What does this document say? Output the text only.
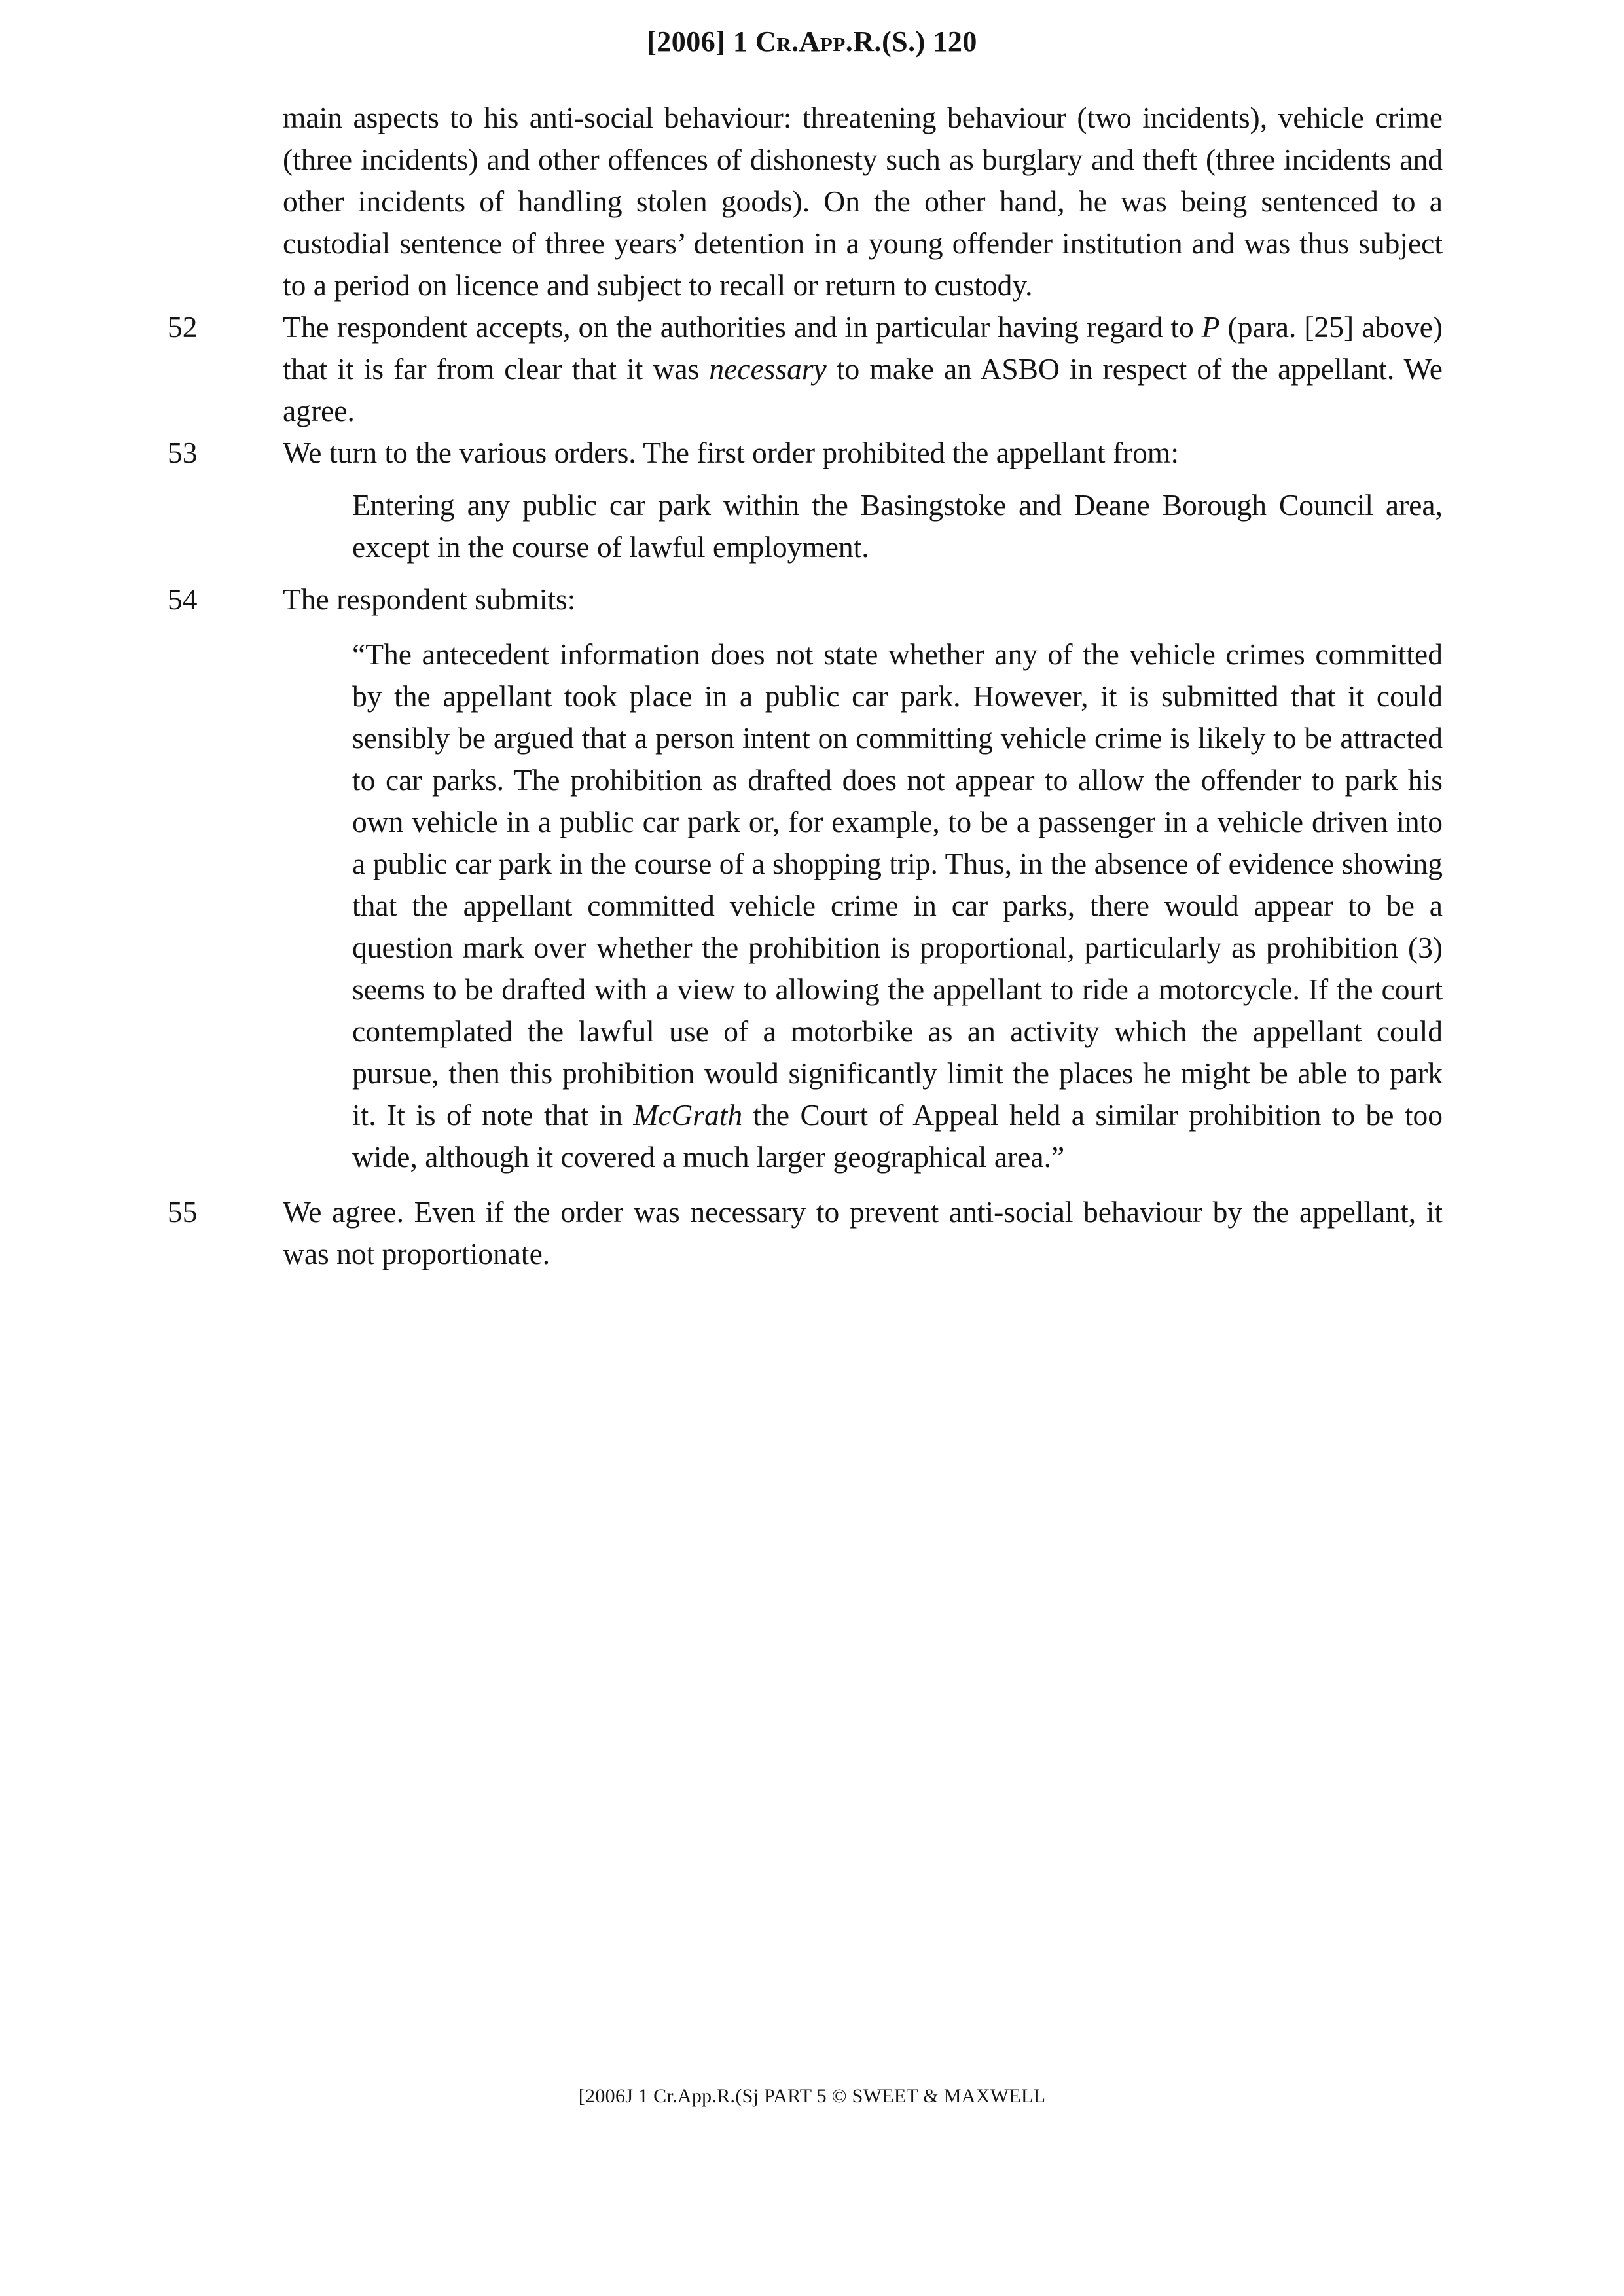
[2006] 1 Cr.App.R.(S.) 120

main aspects to his anti-social behaviour: threatening behaviour (two incidents), vehicle crime (three incidents) and other offences of dishonesty such as burglary and theft (three incidents and other incidents of handling stolen goods). On the other hand, he was being sentenced to a custodial sentence of three years’ detention in a young offender institution and was thus subject to a period on licence and subject to recall or return to custody.

52	The respondent accepts, on the authorities and in particular having regard to P (para. [25] above) that it is far from clear that it was necessary to make an ASBO in respect of the appellant. We agree.

53	We turn to the various orders. The first order prohibited the appellant from:

Entering any public car park within the Basingstoke and Deane Borough Council area, except in the course of lawful employment.

54	The respondent submits:

“The antecedent information does not state whether any of the vehicle crimes committed by the appellant took place in a public car park. However, it is submitted that it could sensibly be argued that a person intent on committing vehicle crime is likely to be attracted to car parks. The prohibition as drafted does not appear to allow the offender to park his own vehicle in a public car park or, for example, to be a passenger in a vehicle driven into a public car park in the course of a shopping trip. Thus, in the absence of evidence showing that the appellant committed vehicle crime in car parks, there would appear to be a question mark over whether the prohibition is proportional, particularly as prohibition (3) seems to be drafted with a view to allowing the appellant to ride a motorcycle. If the court contemplated the lawful use of a motorbike as an activity which the appellant could pursue, then this prohibition would significantly limit the places he might be able to park it. It is of note that in McGrath the Court of Appeal held a similar prohibition to be too wide, although it covered a much larger geographical area.”

55	We agree. Even if the order was necessary to prevent anti-social behaviour by the appellant, it was not proportionate.

[2006J 1 Cr.App.R.(Sj PART 5 © SWEET & MAXWELL
